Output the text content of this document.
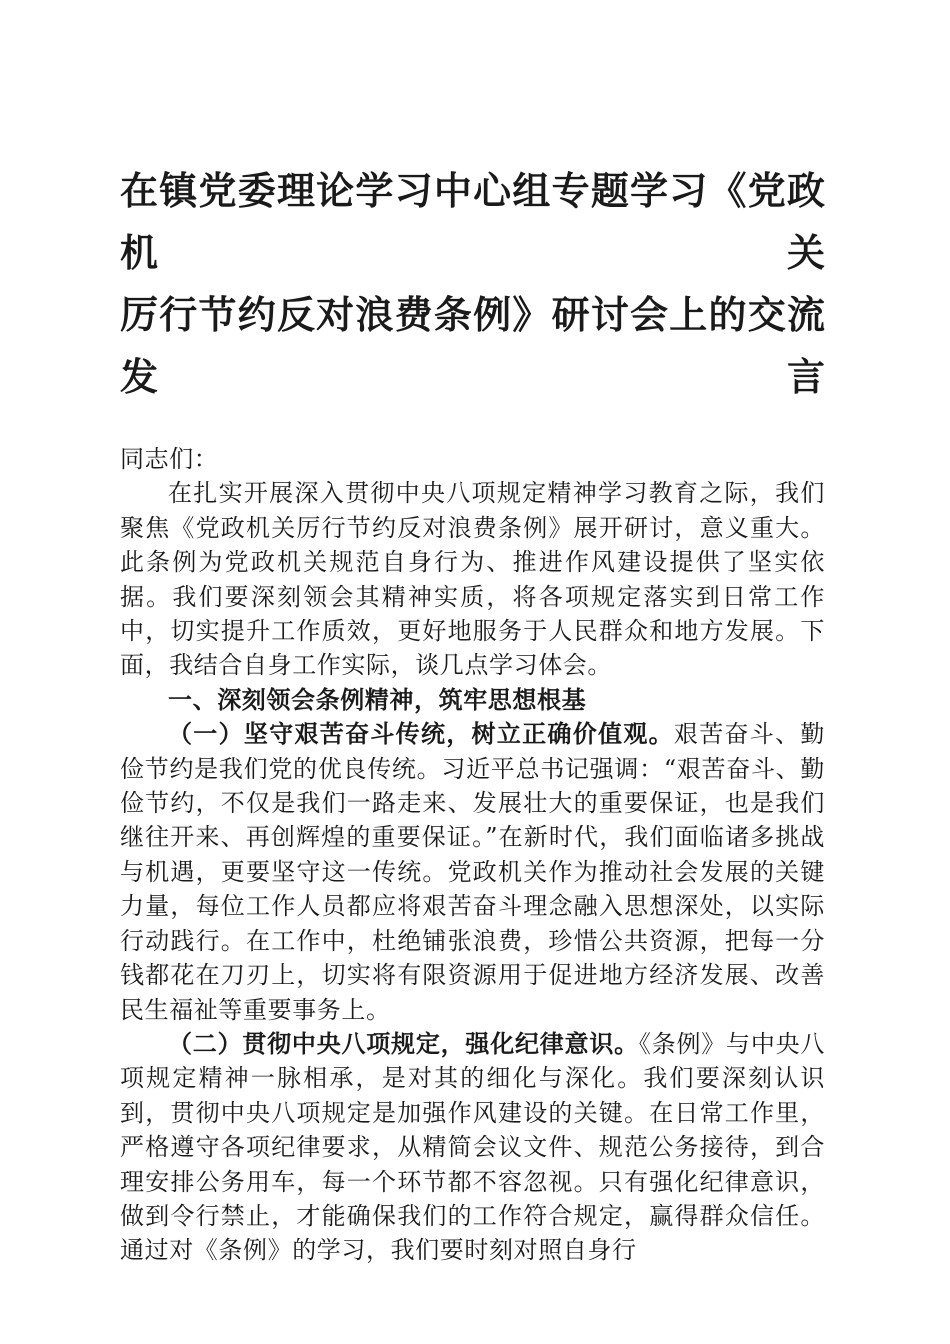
在镇党委理论学习中心组专题学习《党政机关
厉行节约反对浪费条例》研讨会上的交流发言

同志们：

在扎实开展深入贯彻中央八项规定精神学习教育之际，我们聚焦《党政机关厉行节约反对浪费条例》展开研讨，意义重大。此条例为党政机关规范自身行为、推进作风建设提供了坚实依据。我们要深刻领会其精神实质，将各项规定落实到日常工作中，切实提升工作质效，更好地服务于人民群众和地方发展。下面，我结合自身工作实际，谈几点学习体会。

一、深刻领会条例精神，筑牢思想根基

（一）坚守艰苦奋斗传统，树立正确价值观。艰苦奋斗、勤俭节约是我们党的优良传统。习近平总书记强调：“艰苦奋斗、勤俭节约，不仅是我们一路走来、发展壮大的重要保证，也是我们继往开来、再创辉煌的重要保证。”在新时代，我们面临诸多挑战与机遇，更要坚守这一传统。党政机关作为推动社会发展的关键力量，每位工作人员都应将艰苦奋斗理念融入思想深处，以实际行动践行。在工作中，杜绝铺张浪费，珍惜公共资源，把每一分钱都花在刀刃上，切实将有限资源用于促进地方经济发展、改善民生福祉等重要事务上。

（二）贯彻中央八项规定，强化纪律意识。《条例》与中央八项规定精神一脉相承，是对其的细化与深化。我们要深刻认识到，贯彻中央八项规定是加强作风建设的关键。在日常工作里，严格遵守各项纪律要求，从精简会议文件、规范公务接待，到合理安排公务用车，每一个环节都不容忽视。只有强化纪律意识，做到令行禁止，才能确保我们的工作符合规定，赢得群众信任。通过对《条例》的学习，我们要时刻对照自身行
